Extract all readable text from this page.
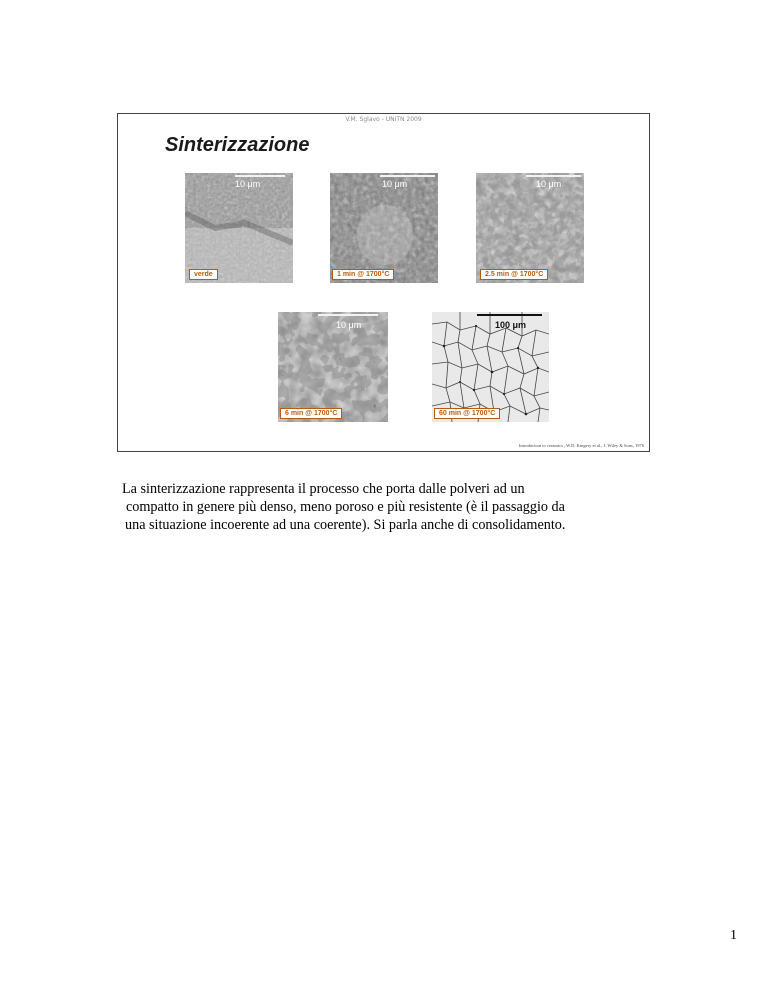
V.M. Sglavo - UNITN 2009
Sinterizzazione
10 μm
verde
10 μm
1 min @ 1700°C
10 μm
2.5 min @ 1700°C
10 μm
6 min @ 1700°C
100 μm
60 min @ 1700°C
Introduction to ceramics , W.D. Kingery et al., J. Wiley & Sons, 1976
La sinterizzazione rappresenta il processo che porta dalle polveri ad un
compatto in genere più denso, meno poroso e più resistente (è il passaggio da
una situazione incoerente ad una coerente). Si parla anche di consolidamento.
1
